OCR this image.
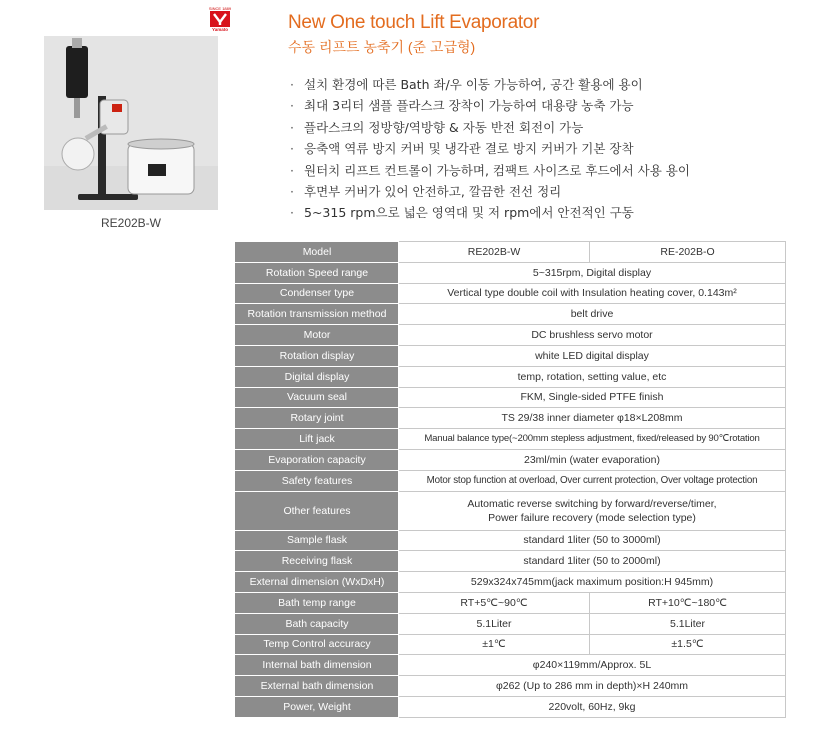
SINCE 1889
Yamato
RE202B-W
New One touch Lift Evaporator
수동 리프트 농축기 (준 고급형)
· 설치 환경에 따른 Bath 좌/우 이동 가능하여, 공간 활용에 용이
· 최대 3리터 샘플 플라스크 장착이 가능하여 대용량 농축 가능
· 플라스크의 정방향/역방향 & 자동 반전 회전이 가능
· 응축액 역류 방지 커버 및 냉각관 결로 방지 커버가 기본 장착
· 원터치 리프트 컨트롤이 가능하며, 컴팩트 사이즈로 후드에서 사용 용이
· 후면부 커버가 있어 안전하고, 깔끔한 전선 정리
· 5~315 rpm으로 넓은 영역대 및 저 rpm에서 안전적인 구동
Model	RE202B-W	RE-202B-O
Rotation Speed range	5~315rpm, Digital display	
Condenser type	Vertical type double coil with Insulation heating cover, 0.143m²	
Rotation transmission method	belt drive	
Motor	DC brushless servo motor	
Rotation display	white LED digital display	
Digital display	temp, rotation, setting value, etc	
Vacuum seal	FKM, Single-sided PTFE finish	
Rotary joint	TS 29/38 inner diameter φ18×L208mm	
Lift jack	Manual balance type(~200mm stepless adjustment, fixed/released by 90℃rotation	
Evaporation capacity	23ml/min (water evaporation)	
Safety features	Motor stop function at overload, Over current protection, Over voltage protection	
Other features	Automatic reverse switching by forward/reverse/timer,
Power failure recovery (mode selection type)	

Sample flask	standard 1liter (50 to 3000ml)	
Receiving flask	standard 1liter (50 to 2000ml)	
External dimension (WxDxH)	529x324x745mm(jack maximum position:H 945mm)	
Bath temp range	RT+5℃~90℃	RT+10℃~180℃
Bath capacity	5.1Liter	5.1Liter
Temp Control accuracy	±1℃	±1.5℃
Internal bath dimension	φ240×119mm/Approx. 5L	
External bath dimension	φ262 (Up to 286 mm in depth)×H 240mm	
Power, Weight	220volt, 60Hz, 9kg	
